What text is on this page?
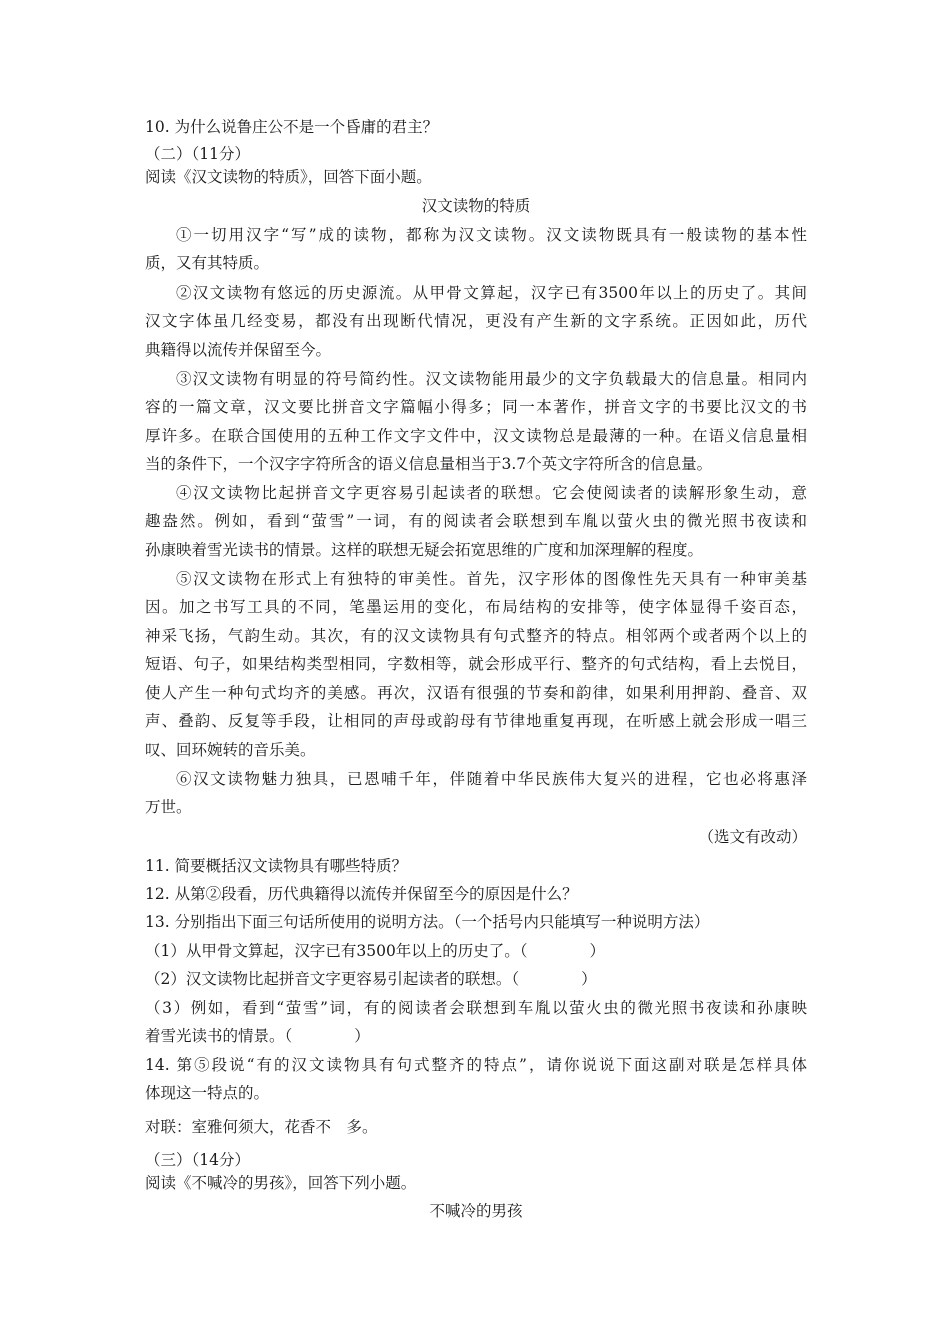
10. 为什么说鲁庄公不是一个昏庸的君主？
（二）（11分）
阅读《汉文读物的特质》，回答下面小题。
汉文读物的特质
①一切用汉字“写”成的读物，都称为汉文读物。汉文读物既具有一般读物的基本性
质，又有其特质。
②汉文读物有悠远的历史源流。从甲骨文算起，汉字已有3500年以上的历史了。其间
汉文字体虽几经变易，都没有出现断代情况，更没有产生新的文字系统。正因如此，历代
典籍得以流传并保留至今。
③汉文读物有明显的符号简约性。汉文读物能用最少的文字负载最大的信息量。相同内
容的一篇文章，汉文要比拼音文字篇幅小得多；同一本著作，拼音文字的书要比汉文的书
厚许多。在联合国使用的五种工作文字文件中，汉文读物总是最薄的一种。在语义信息量相
当的条件下，一个汉字字符所含的语义信息量相当于3.7个英文字符所含的信息量。
④汉文读物比起拼音文字更容易引起读者的联想。它会使阅读者的读解形象生动，意
趣盎然。例如，看到“萤雪”一词，有的阅读者会联想到车胤以萤火虫的微光照书夜读和
孙康映着雪光读书的情景。这样的联想无疑会拓宽思维的广度和加深理解的程度。
⑤汉文读物在形式上有独特的审美性。首先，汉字形体的图像性先天具有一种审美基
因。加之书写工具的不同，笔墨运用的变化，布局结构的安排等，使字体显得千姿百态，
神采飞扬，气韵生动。其次，有的汉文读物具有句式整齐的特点。相邻两个或者两个以上的
短语、句子，如果结构类型相同，字数相等，就会形成平行、整齐的句式结构，看上去悦目，
使人产生一种句式均齐的美感。再次，汉语有很强的节奏和韵律，如果利用押韵、叠音、双
声、叠韵、反复等手段，让相同的声母或韵母有节律地重复再现，在听感上就会形成一唱三
叹、回环婉转的音乐美。
⑥汉文读物魅力独具，已恩哺千年，伴随着中华民族伟大复兴的进程，它也必将惠泽
万世。
（选文有改动）
11. 简要概括汉文读物具有哪些特质？
12. 从第②段看，历代典籍得以流传并保留至今的原因是什么？
13. 分别指出下面三句话所使用的说明方法。（一个括号内只能填写一种说明方法）
（1）从甲骨文算起，汉字已有3500年以上的历史了。（　　　　）
（2）汉文读物比起拼音文字更容易引起读者的联想。（　　　　）
（3）例如，看到“萤雪”词，有的阅读者会联想到车胤以萤火虫的微光照书夜读和孙康映
着雪光读书的情景。（　　　　）
14. 第⑤段说“有的汉文读物具有句式整齐的特点”，请你说说下面这副对联是怎样具体
体现这一特点的。
对联：室雅何须大，花香不　多。
（三）（14分）
阅读《不喊冷的男孩》，回答下列小题。
不喊冷的男孩
